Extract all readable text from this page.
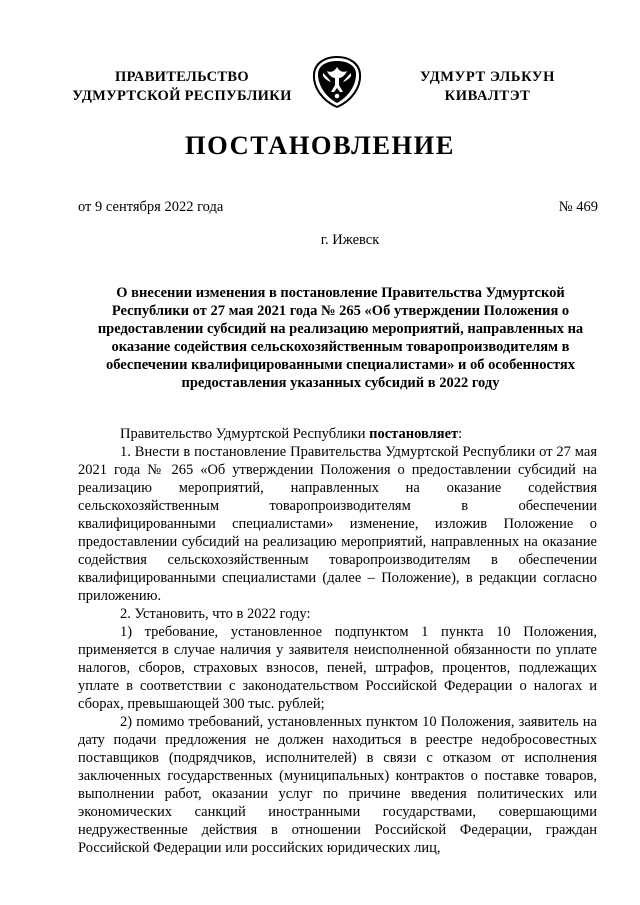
ПРАВИТЕЛЬСТВО
УДМУРТСКОЙ РЕСПУБЛИКИ
УДМУРТ ЭЛЬКУН
КИВАЛТЭТ
ПОСТАНОВЛЕНИЕ
от 9 сентября 2022 года	№ 469
г. Ижевск
О внесении изменения в постановление Правительства Удмуртской Республики от 27 мая 2021 года № 265 «Об утверждении Положения о предоставлении субсидий на реализацию мероприятий, направленных на оказание содействия сельскохозяйственным товаропроизводителям в обеспечении квалифицированными специалистами» и об особенностях предоставления указанных субсидий в 2022 году

Правительство Удмуртской Республики постановляет:

1. Внести в постановление Правительства Удмуртской Республики от 27 мая 2021 года № 265 «Об утверждении Положения о предоставлении субсидий на реализацию мероприятий, направленных на оказание содействия сельскохозяйственным товаропроизводителям в обеспечении квалифицированными специалистами» изменение, изложив Положение о предоставлении субсидий на реализацию мероприятий, направленных на оказание содействия сельскохозяйственным товаропроизводителям в обеспечении квалифицированными специалистами (далее – Положение), в редакции согласно приложению.

2. Установить, что в 2022 году:

1) требование, установленное подпунктом 1 пункта 10 Положения, применяется в случае наличия у заявителя неисполненной обязанности по уплате налогов, сборов, страховых взносов, пеней, штрафов, процентов, подлежащих уплате в соответствии с законодательством Российской Федерации о налогах и сборах, превышающей 300 тыс. рублей;

2) помимо требований, установленных пунктом 10 Положения, заявитель на дату подачи предложения не должен находиться в реестре недобросовестных поставщиков (подрядчиков, исполнителей) в связи с отказом от исполнения заключенных государственных (муниципальных) контрактов о поставке товаров, выполнении работ, оказании услуг по причине введения политических или экономических санкций иностранными государствами, совершающими недружественные действия в отношении Российской Федерации, граждан Российской Федерации или российских юридических лиц,
